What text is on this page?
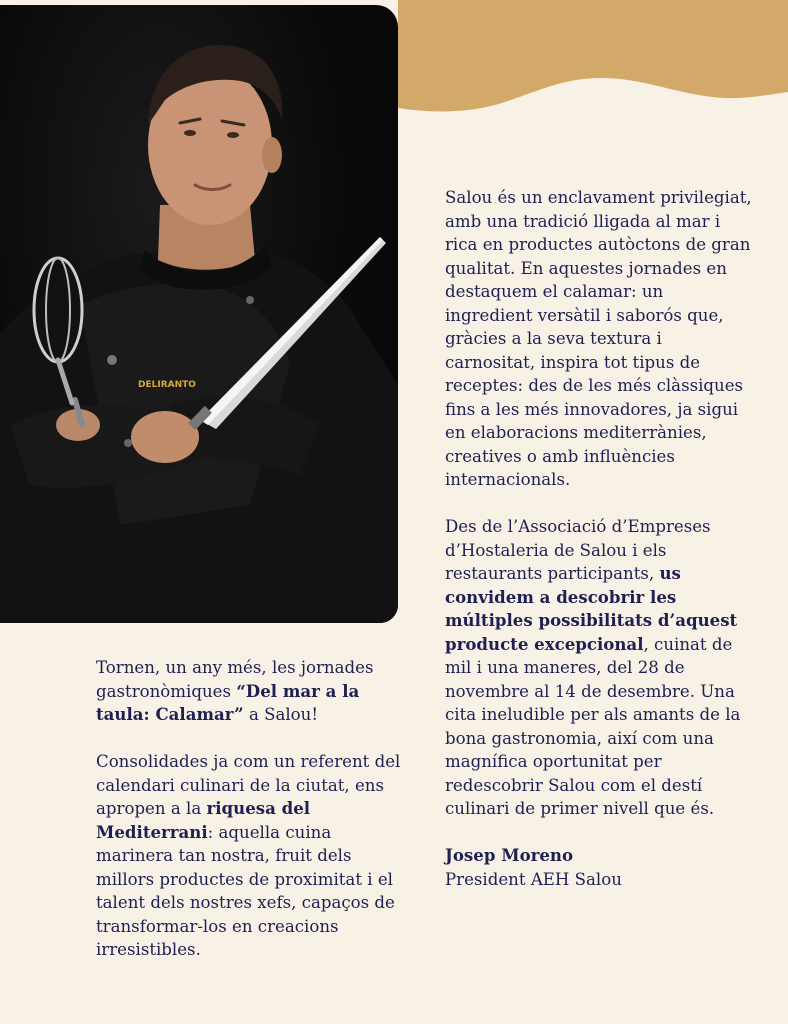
DELIRANTO

Tornen, un any més, les jornades gastronòmiques “Del mar a la taula: Calamar” a Salou!

Consolidades ja com un referent del calendari culinari de la ciutat, ens apropen a la riquesa del Mediterrani: aquella cuina marinera tan nostra, fruit dels millors productes de proximitat i el talent dels nostres xefs, capaços de transformar-los en creacions irresistibles.

Salou és un enclavament privilegiat, amb una tradició lligada al mar i rica en productes autòctons de gran qualitat. En aquestes jornades en destaquem el calamar: un ingredient versàtil i saborós que, gràcies a la seva textura i carnositat, inspira tot tipus de receptes: des de les més clàssiques fins a les més innovadores, ja sigui en elaboracions mediterrànies, creatives o amb influències internacionals.

Des de l’Associació d’Empreses d’Hostaleria de Salou i els restaurants participants, us convidem a descobrir les múltiples possibilitats d’aquest producte excepcional, cuinat de mil i una maneres, del 28 de novembre al 14 de desembre. Una cita ineludible per als amants de la bona gastronomia, així com una magnífica oportunitat per redescobrir Salou com el destí culinari de primer nivell que és.

Josep Moreno
President AEH Salou
